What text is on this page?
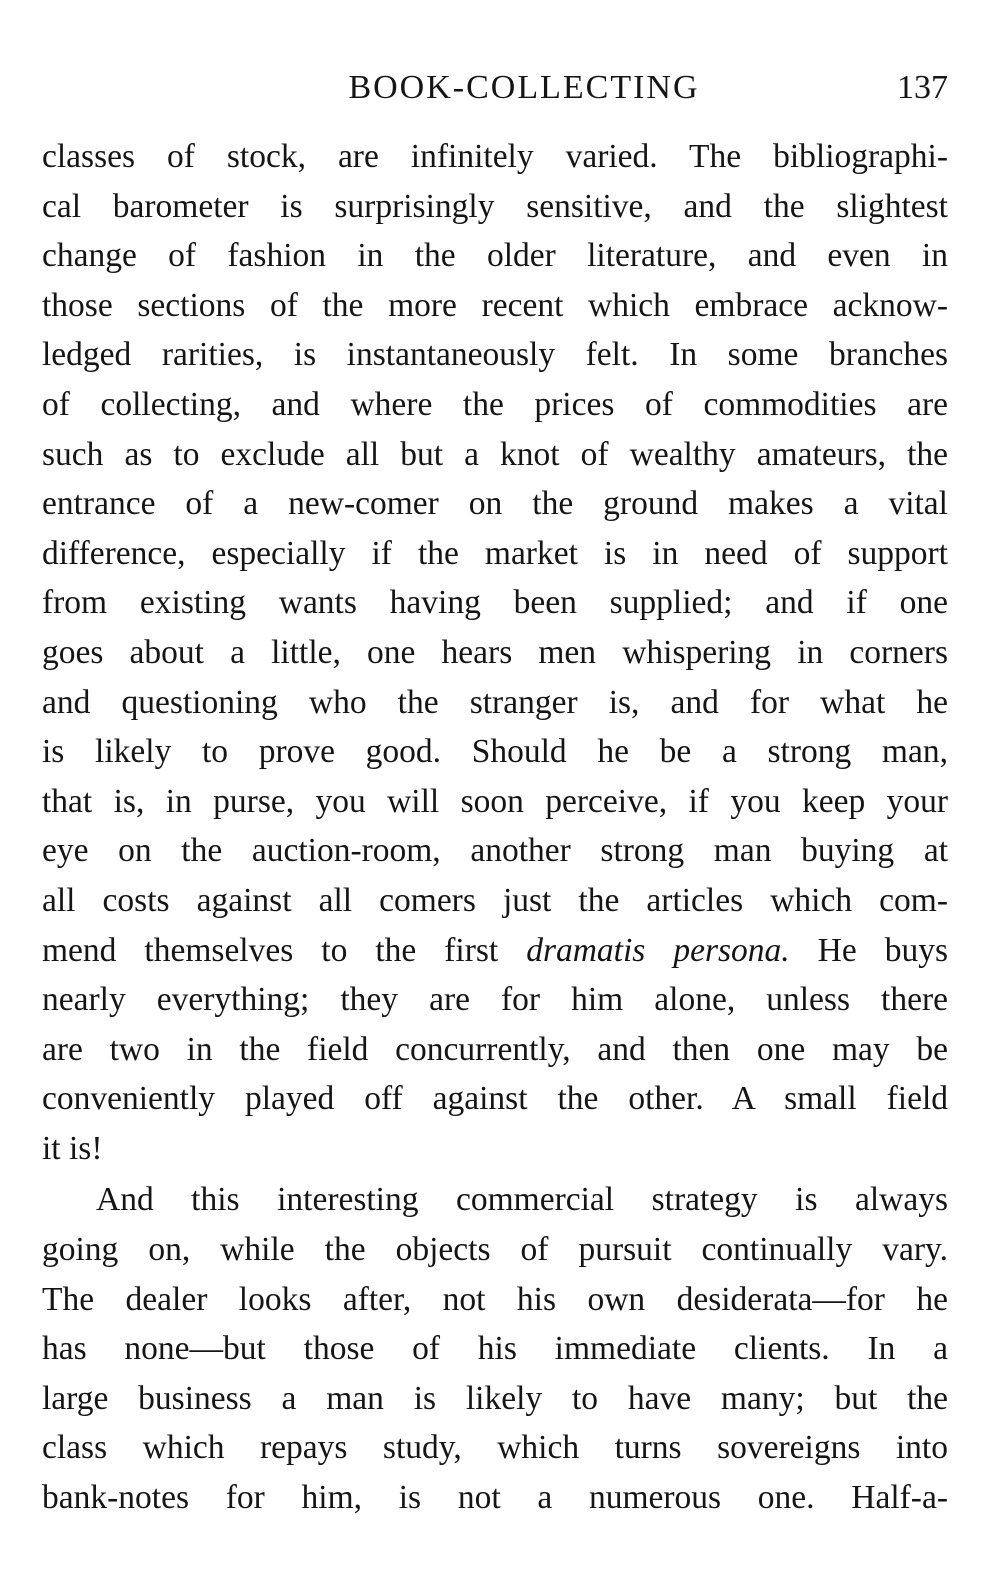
BOOK-COLLECTING	137
classes of stock, are infinitely varied. The bibliographi-
cal barometer is surprisingly sensitive, and the slightest
change of fashion in the older literature, and even in
those sections of the more recent which embrace acknow-
ledged rarities, is instantaneously felt. In some branches
of collecting, and where the prices of commodities are
such as to exclude all but a knot of wealthy amateurs, the
entrance of a new-comer on the ground makes a vital
difference, especially if the market is in need of support
from existing wants having been supplied; and if one
goes about a little, one hears men whispering in corners
and questioning who the stranger is, and for what he
is likely to prove good. Should he be a strong man,
that is, in purse, you will soon perceive, if you keep your
eye on the auction-room, another strong man buying at
all costs against all comers just the articles which com-
mend themselves to the first dramatis persona. He buys
nearly everything; they are for him alone, unless there
are two in the field concurrently, and then one may be
conveniently played off against the other. A small field
it is!
And this interesting commercial strategy is always
going on, while the objects of pursuit continually vary.
The dealer looks after, not his own desiderata—for he
has none—but those of his immediate clients. In a
large business a man is likely to have many; but the
class which repays study, which turns sovereigns into
bank-notes for him, is not a numerous one. Half-a-
